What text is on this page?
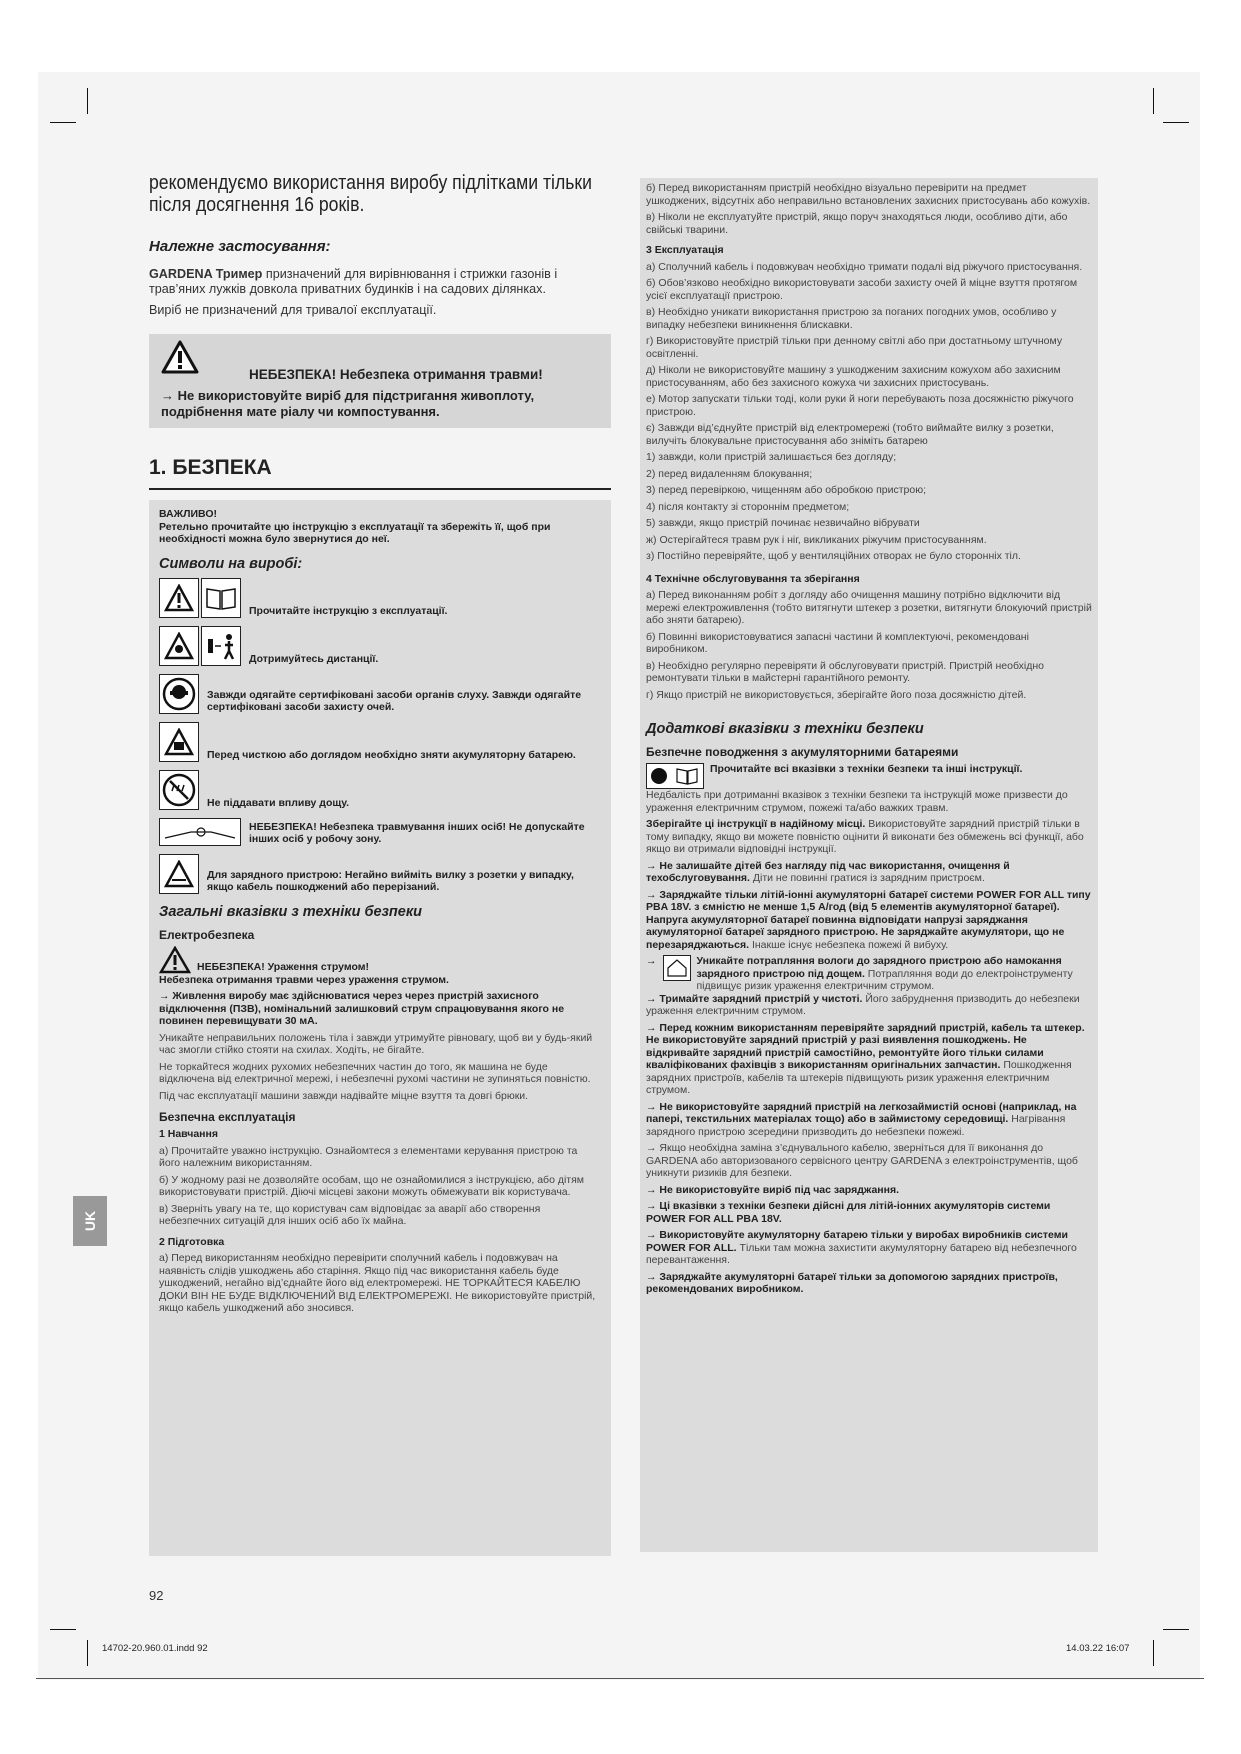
UK

рекомендуємо використання виробу підлітками тільки після досягнення 16 років.

Належне застосування:

GARDENA Тример призначений для вирівнювання і стрижки газонів і трав’яних лужків довкола приватних будинків і на садових ділянках.

Виріб не призначений для тривалої експлуатації.

НЕБЕЗПЕКА! Небезпека отримання травми!
→ Не використовуйте виріб для підстригання живоплоту, подрібнення мате ріалу чи компостування.
1. БЕЗПЕКА
ВАЖЛИВО!
Ретельно прочитайте цю інструкцію з експлуатації та збережіть її, щоб при необхідності можна було звернутися до неї.
Символи на виробі:
Прочитайте інструкцію з експлуатації.
Дотримуйтесь дистанції.
Завжди одягайте сертифіковані засоби органів слуху. Завжди одягайте сертифіковані засоби захисту очей.
Перед чисткою або доглядом необхідно зняти акумуляторну батарею.
Не піддавати впливу дощу.
НЕБЕЗПЕКА! Небезпека травмування інших осіб! Не допускайте інших осіб у робочу зону.
Для зарядного пристрою: Негайно вийміть вилку з розетки у випадку, якщо кабель пошкоджений або перерізаний.
Загальні вказівки з техніки безпеки
Електробезпека
НЕБЕЗПЕКА! Ураження струмом!
Небезпека отримання травми через ураження струмом.
→ Живлення виробу має здійснюватися через через пристрій захисного відключення (ПЗВ), номінальний залишковий струм спрацювування якого не повинен перевищувати 30 мА.

Уникайте неправильних положень тіла і завжди утримуйте рівновагу, щоб ви у будь-який час змогли стійко стояти на схилах. Ходіть, не бігайте.

Не торкайтеся жодних рухомих небезпечних частин до того, як машина не буде відключена від електричної мережі, і небезпечні рухомі частини не зупиняться повністю.

Під час експлуатації машини завжди надівайте міцне взуття та довгі брюки.

Безпечна експлуатація
1 Навчання

а) Прочитайте уважно інструкцію. Ознайомтеся з елементами керування пристрою та його належним використанням.

б) У жодному разі не дозволяйте особам, що не ознайомилися з інструкцією, або дітям використовувати пристрій. Діючі місцеві закони можуть обмежувати вік користувача.

в) Зверніть увагу на те, що користувач сам відповідає за аварії або створення небезпечних ситуацій для інших осіб або їх майна.

2 Підготовка

а) Перед використанням необхідно перевірити сполучний кабель і подовжувач на наявність слідів ушкоджень або старіння. Якщо під час використання кабель буде ушкоджений, негайно від’єднайте його від електромережі. НЕ ТОРКАЙТЕСЯ КАБЕЛЮ ДОКИ ВІН НЕ БУДЕ ВІДКЛЮЧЕНИЙ ВІД ЕЛЕКТРОМЕРЕЖІ. Не використовуйте пристрій, якщо кабель ушкоджений або зносився.

б) Перед використанням пристрій необхідно візуально перевірити на предмет ушкоджених, відсутніх або неправильно встановлених захисних пристосувань або кожухів.

в) Ніколи не експлуатуйте пристрій, якщо поруч знаходяться люди, особливо діти, або свійські тварини.

3 Експлуатація

а) Сполучний кабель і подовжувач необхідно тримати подалі від ріжучого пристосування.

б) Обов’язково необхідно використовувати засоби захисту очей й міцне взуття протягом усієї експлуатації пристрою.

в) Необхідно уникати використання пристрою за поганих погодних умов, особливо у випадку небезпеки виникнення блискавки.

г) Використовуйте пристрій тільки при денному світлі або при достатньому штучному освітленні.

д) Ніколи не використовуйте машину з ушкодженим захисним кожухом або захисним пристосуванням, або без захисного кожуха чи захисних пристосувань.

е) Мотор запускати тільки тоді, коли руки й ноги перебувають поза досяжністю ріжучого пристрою.

є) Завжди від’єднуйте пристрій від електромережі (тобто виймайте вилку з розетки, вилучіть блокувальне пристосування або зніміть батарею

1) завжди, коли пристрій залишається без догляду;

2) перед видаленням блокування;

3) перед перевіркою, чищенням або обробкою пристрою;

4) після контакту зі стороннім предметом;

5) завжди, якщо пристрій починає незвичайно вібрувати

ж) Остерігайтеся травм рук і ніг, викликаних ріжучим пристосуванням.

з) Постійно перевіряйте, щоб у вентиляційних отворах не було сторонніх тіл.

4 Технічне обслуговування та зберігання

а) Перед виконанням робіт з догляду або очищення машину потрібно відключити від мережі електроживлення (тобто витягнути штекер з розетки, витягнути блокуючий пристрій або зняти батарею).

б) Повинні використовуватися запасні частини й комплектуючі, рекомендовані виробником.

в) Необхідно регулярно перевіряти й обслуговувати пристрій. Пристрій необхідно ремонтувати тільки в майстерні гарантійного ремонту.

г) Якщо пристрій не використовується, зберігайте його поза досяжністю дітей.

Додаткові вказівки з техніки безпеки
Безпечне поводження з акумуляторними батареями
Прочитайте всі вказівки з техніки безпеки та інші інструкції.

Недбалість при дотриманні вказівок з техніки безпеки та інструкцій може призвести до ураження електричним струмом, пожежі та/або важких травм.

Зберігайте ці інструкції в надійному місці. Використовуйте зарядний пристрій тільки в тому випадку, якщо ви можете повністю оцінити й виконати без обмежень всі функції, або якщо ви отримали відповідні інструкції.

→ Не залишайте дітей без нагляду під час використання, очищення й техобслуговування. Діти не повинні гратися із зарядним пристроєм.

→ Заряджайте тільки літій-іонні акумуляторні батареї системи POWER FOR ALL типу PBA 18V. з ємністю не менше 1,5 А/год (від 5 елементів акумуляторної батареї). Напруга акумуляторної батареї повинна відповідати напрузі заряджання акумуляторної батареї зарядного пристрою. Не заряджайте акумулятори, що не перезаряджаються. Інакше існує небезпека пожежі й вибуху.

→	Уникайте потрапляння вологи до зарядного пристрою або намокання зарядного пристрою під дощем. Потрапляння води до електроінструменту підвищує ризик ураження електричним струмом.

→ Тримайте зарядний пристрій у чистоті. Його забруднення призводить до небезпеки ураження електричним струмом.

→ Перед кожним використанням перевіряйте зарядний пристрій, кабель та штекер. Не використовуйте зарядний пристрій у разі виявлення пошкоджень. Не відкривайте зарядний пристрій самостійно, ремонтуйте його тільки силами кваліфікованих фахівців з використанням оригінальних запчастин. Пошкодження зарядних пристроїв, кабелів та штекерів підвищують ризик ураження електричним струмом.

→ Не використовуйте зарядний пристрій на легкозаймистій основі (наприклад, на папері, текстильних матеріалах тощо) або в займистому середовищі. Нагрівання зарядного пристрою зсередини призводить до небезпеки пожежі.

→ Якщо необхідна заміна з’єднувального кабелю, зверніться для її виконання до GARDENA або авторизованого сервісного центру GARDENA з електроінструментів, щоб уникнути ризиків для безпеки.

→ Не використовуйте виріб під час заряджання.

→ Ці вказівки з техніки безпеки дійсні для літій-іонних акумуляторів системи POWER FOR ALL PBA 18V.

→ Використовуйте акумуляторну батарею тільки у виробах виробників системи POWER FOR ALL. Тільки там можна захистити акумуляторну батарею від небезпечного перевантаження.

→ Заряджайте акумуляторні батареї тільки за допомогою зарядних пристроїв, рекомендованих виробником.

92
14702-20.960.01.indd 92	14.03.22 16:07
